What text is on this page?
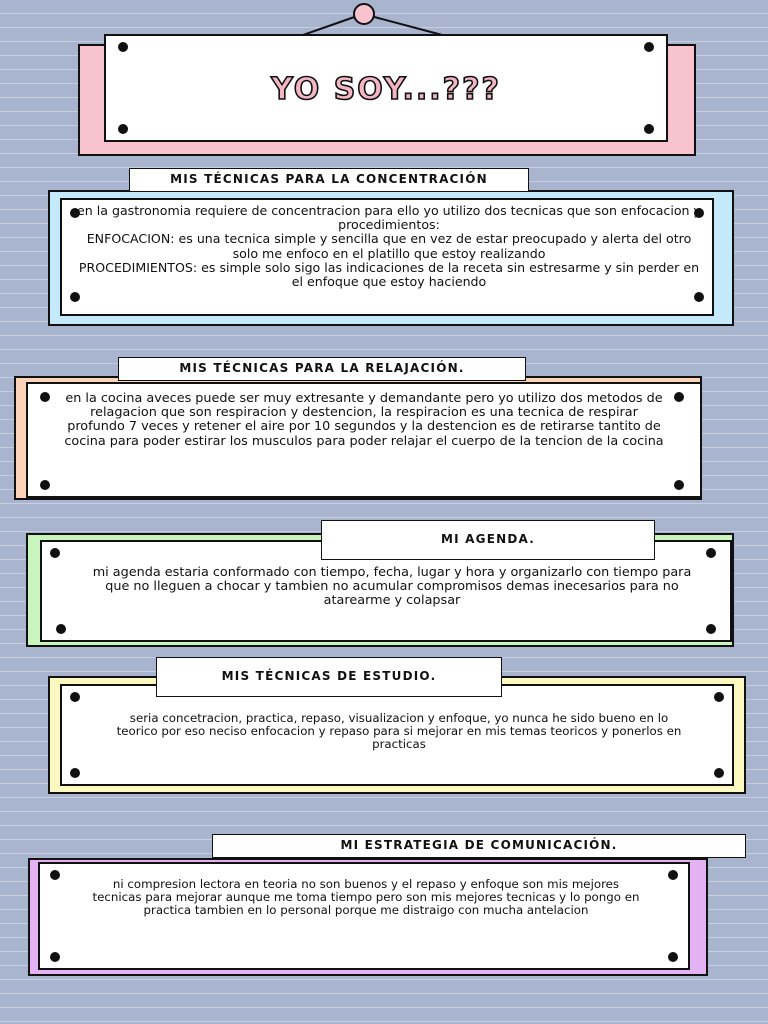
YO SOY...???
en la gastronomia requiere de concentracion para ello yo utilizo dos tecnicas que son enfocacion y procedimientos:
ENFOCACION: es una tecnica simple y sencilla que en vez de estar preocupado y alerta del otro solo me enfoco en el platillo que estoy realizando
PROCEDIMIENTOS: es simple solo sigo las indicaciones de la receta sin estresarme y sin perder en el enfoque que estoy haciendo
MIS TÉCNICAS PARA LA CONCENTRACIÓN
en la cocina aveces puede ser muy extresante y demandante pero yo utilizo dos metodos de relagacion que son respiracion y destencion, la respiracion es una tecnica de respirar profundo 7 veces y retener el aire por 10 segundos y la destencion es de retirarse tantito de cocina para poder estirar los musculos para poder relajar el cuerpo de la tencion de la cocina
MIS TÉCNICAS PARA LA RELAJACIÓN.
mi agenda estaria conformado con tiempo, fecha, lugar y hora y organizarlo con tiempo para que no lleguen a chocar y tambien no acumular compromisos demas inecesarios para no atarearme y colapsar
MI AGENDA.
seria concetracion, practica, repaso, visualizacion y enfoque, yo nunca he sido bueno en lo teorico por eso neciso enfocacion y repaso para si mejorar en mis temas teoricos y ponerlos en practicas
MIS TÉCNICAS DE ESTUDIO.
ni compresion lectora en teoria no son buenos y el repaso y enfoque son mis mejores tecnicas para mejorar aunque me toma tiempo pero son mis mejores tecnicas y lo pongo en practica tambien en lo personal porque me distraigo con mucha antelacion
MI ESTRATEGIA DE COMUNICACIÓN.
